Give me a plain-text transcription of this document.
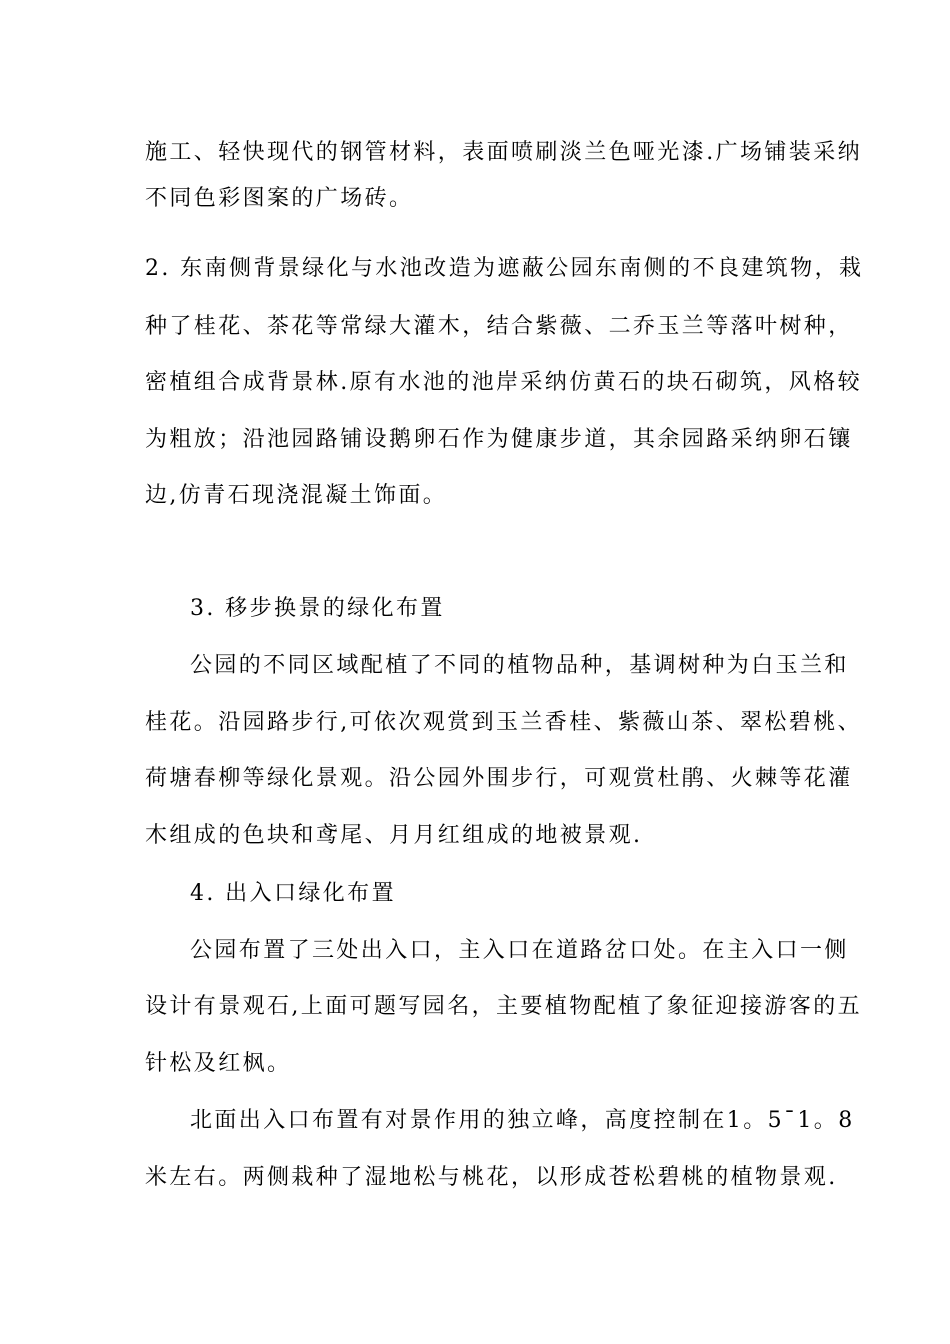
施工、轻快现代的钢管材料，表面喷刷淡兰色哑光漆.广场铺装采纳
不同色彩图案的广场砖。
2. 东南侧背景绿化与水池改造为遮蔽公园东南侧的不良建筑物，栽
种了桂花、茶花等常绿大灌木，结合紫薇、二乔玉兰等落叶树种，
密植组合成背景林.原有水池的池岸采纳仿黄石的块石砌筑，风格较
为粗放；沿池园路铺设鹅卵石作为健康步道，其余园路采纳卵石镶
边,仿青石现浇混凝土饰面。
3. 移步换景的绿化布置
公园的不同区域配植了不同的植物品种，基调树种为白玉兰和
桂花。沿园路步行,可依次观赏到玉兰香桂、紫薇山茶、翠松碧桃、
荷塘春柳等绿化景观。沿公园外围步行，可观赏杜鹃、火棘等花灌
木组成的色块和鸢尾、月月红组成的地被景观.
4. 出入口绿化布置
公园布置了三处出入口，主入口在道路岔口处。在主入口一侧
设计有景观石,上面可题写园名，主要植物配植了象征迎接游客的五
针松及红枫。
北面出入口布置有对景作用的独立峰，高度控制在1。5¯1。8
米左右。两侧栽种了湿地松与桃花，以形成苍松碧桃的植物景观.
